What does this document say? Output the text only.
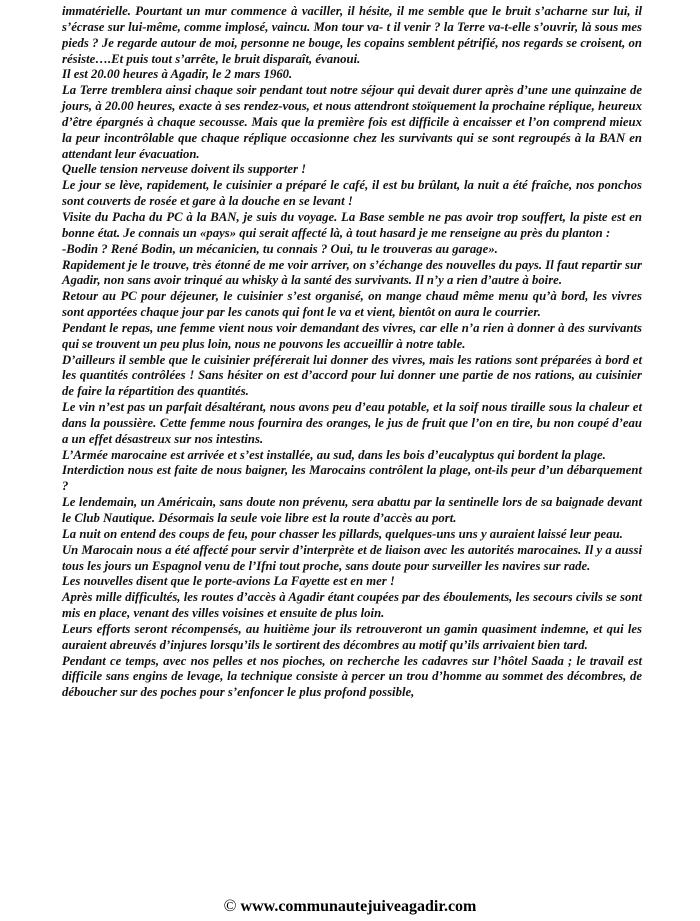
immatérielle. Pourtant un mur commence à vaciller, il hésite, il me semble que le bruit s’acharne sur lui, il s’écrase sur lui-même, comme implosé, vaincu. Mon tour va- t il venir ? la Terre va-t-elle s’ouvrir, là sous mes pieds ? Je regarde autour de moi, personne ne bouge, les copains semblent pétrifié, nos regards se croisent, on résiste….Et puis tout s’arrête, le bruit disparaît, évanoui.

Il est 20.00 heures à Agadir, le 2 mars 1960.

La Terre tremblera ainsi chaque soir pendant tout notre séjour qui devait durer après d’une une quinzaine de jours, à 20.00 heures, exacte à ses rendez-vous, et nous attendront stoïquement la prochaine réplique, heureux d’être épargnés à chaque secousse. Mais que la première fois est difficile à encaisser et l’on comprend mieux la peur incontrôlable que chaque réplique occasionne chez les survivants qui se sont regroupés à la BAN en attendant leur évacuation.

Quelle tension nerveuse doivent ils supporter !

Le jour se lève, rapidement, le cuisinier a préparé le café, il est bu brûlant, la nuit a été fraîche, nos ponchos sont couverts de rosée et gare à la douche en se levant !

Visite du Pacha du PC à la BAN, je suis du voyage. La Base semble ne pas avoir trop souffert, la piste est en bonne état. Je connais un «pays» qui serait affecté là, à tout hasard je me renseigne au près du planton :

-Bodin ? René Bodin, un mécanicien, tu connais ? Oui, tu le trouveras au garage».

Rapidement je le trouve, très étonné de me voir arriver, on s’échange des nouvelles du pays. Il faut repartir sur Agadir, non sans avoir trinqué au whisky à la santé des survivants. Il n’y a rien d’autre à boire.

Retour au PC pour déjeuner, le cuisinier s’est organisé, on mange chaud même menu qu’à bord, les vivres sont apportées chaque jour par les canots qui font le va et vient, bientôt on aura le courrier.

Pendant le repas, une femme vient nous voir demandant des vivres, car elle n’a rien à donner à des survivants qui se trouvent un peu plus loin, nous ne pouvons les accueillir à notre table.

D’ailleurs il semble que le cuisinier préférerait lui donner des vivres, mais les rations sont préparées à bord et les quantités contrôlées ! Sans hésiter on est d’accord pour lui donner une partie de nos rations, au cuisinier de faire la répartition des quantités.

Le vin n’est pas un parfait désaltérant, nous avons peu d’eau potable, et la soif nous tiraille sous la chaleur et dans la poussière. Cette femme nous fournira des oranges, le jus de fruit que l’on en tire, bu non coupé d’eau a un effet désastreux sur nos intestins.

L’Armée marocaine est arrivée et s’est installée, au sud, dans les bois d’eucalyptus qui bordent la plage.

Interdiction nous est faite de nous baigner, les Marocains contrôlent la plage, ont-ils peur d’un débarquement ?

Le lendemain, un Américain, sans doute non prévenu, sera abattu par la sentinelle lors de sa baignade devant le Club Nautique. Désormais la seule voie libre est la route d’accès au port.

La nuit on entend des coups de feu, pour chasser les pillards, quelques-uns uns y auraient laissé leur peau.

Un Marocain nous a été affecté pour servir d’interprète et de liaison avec les autorités marocaines. Il y a aussi tous les jours un Espagnol venu de l’Ifni tout proche, sans doute pour surveiller les navires sur rade.

Les nouvelles disent que le porte-avions La Fayette est en mer !

Après mille difficultés, les routes d’accès à Agadir étant coupées par des éboulements, les secours civils se sont mis en place, venant des villes voisines et ensuite de plus loin.

Leurs efforts seront récompensés, au huitième jour ils retrouveront un gamin quasiment indemne, et qui les auraient abreuvés d’injures lorsqu’ils le sortirent des décombres au motif qu’ils arrivaient bien tard.

Pendant ce temps, avec nos pelles et nos pioches, on recherche les cadavres sur l’hôtel Saada ; le travail est difficile sans engins de levage, la technique consiste à percer un trou d’homme au sommet des décombres, de déboucher sur des poches pour s’enfoncer le plus profond possible,

© www.communautejuiveagadir.com
